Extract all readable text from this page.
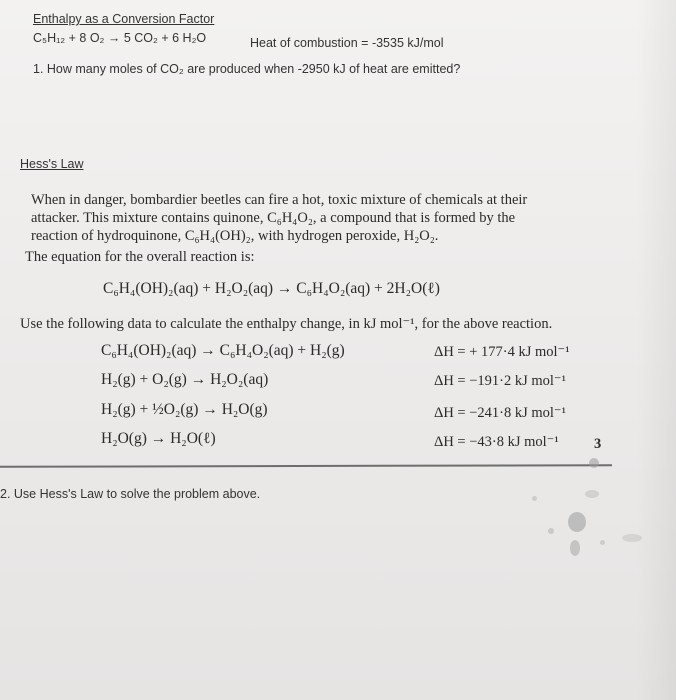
Enthalpy as a Conversion Factor
C₅H₁₂ + 8 O₂ → 5 CO₂ + 6 H₂O	Heat of combustion = -3535 kJ/mol
1. How many moles of CO₂ are produced when -2950 kJ of heat are emitted?
Hess's Law
When in danger, bombardier beetles can fire a hot, toxic mixture of chemicals at their
attacker. This mixture contains quinone, C₆H₄O₂, a compound that is formed by the
reaction of hydroquinone, C₆H₄(OH)₂, with hydrogen peroxide, H₂O₂.
The equation for the overall reaction is:
C₆H₄(OH)₂(aq) + H₂O₂(aq) → C₆H₄O₂(aq) + 2H₂O(ℓ)
Use the following data to calculate the enthalpy change, in kJ mol⁻¹, for the above reaction.
C₆H₄(OH)₂(aq) → C₆H₄O₂(aq) + H₂(g)	ΔH = + 177·4 kJ mol⁻¹
H₂(g) + O₂(g) → H₂O₂(aq)	ΔH = −191·2 kJ mol⁻¹
H₂(g) + ½O₂(g) → H₂O(g)	ΔH = −241·8 kJ mol⁻¹
H₂O(g) → H₂O(ℓ)	ΔH = −43·8 kJ mol⁻¹ 3
2. Use Hess's Law to solve the problem above.
